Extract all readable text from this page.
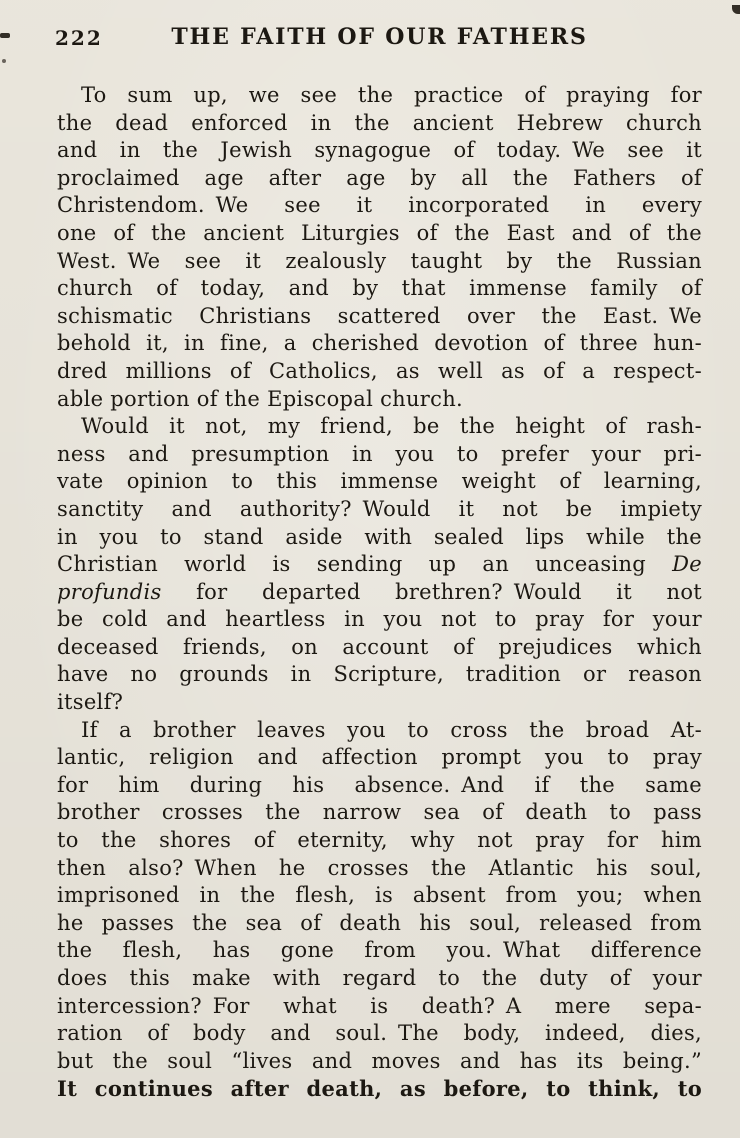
222	THE FAITH OF OUR FATHERS
To sum up, we see the practice of praying for
the dead enforced in the ancient Hebrew church
and in the Jewish synagogue of today. We see it
proclaimed age after age by all the Fathers of
Christendom. We see it incorporated in every
one of the ancient Liturgies of the East and of the
West. We see it zealously taught by the Russian
church of today, and by that immense family of
schismatic Christians scattered over the East. We
behold it, in fine, a cherished devotion of three hun-
dred millions of Catholics, as well as of a respect-
able portion of the Episcopal church.
Would it not, my friend, be the height of rash-
ness and presumption in you to prefer your pri-
vate opinion to this immense weight of learning,
sanctity and authority? Would it not be impiety
in you to stand aside with sealed lips while the
Christian world is sending up an unceasing De
profundis for departed brethren? Would it not
be cold and heartless in you not to pray for your
deceased friends, on account of prejudices which
have no grounds in Scripture, tradition or reason
itself?
If a brother leaves you to cross the broad At-
lantic, religion and affection prompt you to pray
for him during his absence. And if the same
brother crosses the narrow sea of death to pass
to the shores of eternity, why not pray for him
then also? When he crosses the Atlantic his soul,
imprisoned in the flesh, is absent from you; when
he passes the sea of death his soul, released from
the flesh, has gone from you. What difference
does this make with regard to the duty of your
intercession? For what is death? A mere sepa-
ration of body and soul. The body, indeed, dies,
but the soul “lives and moves and has its being.”
It continues after death, as before, to think, to
